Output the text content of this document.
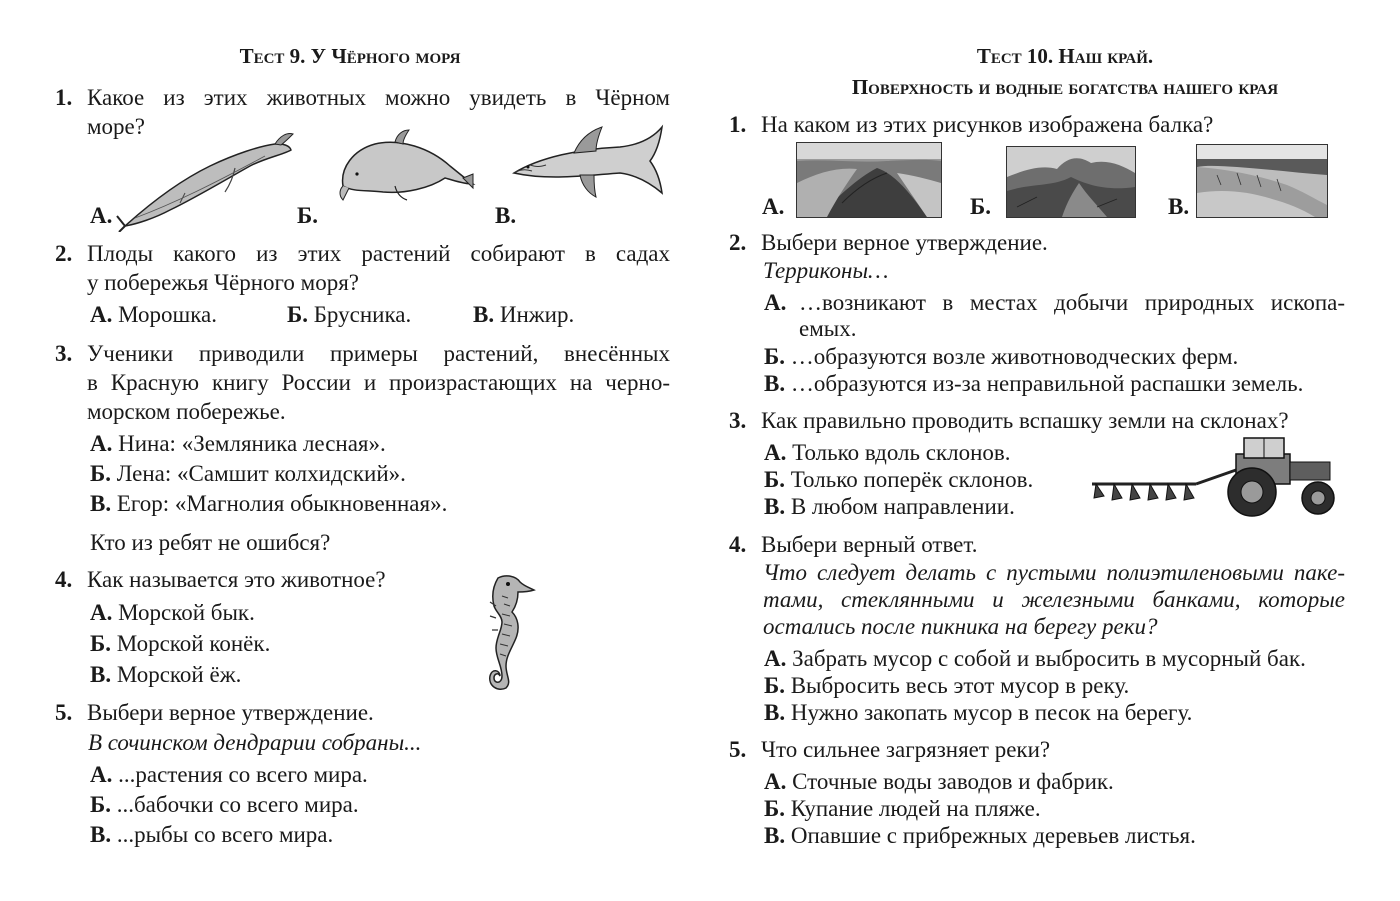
Тест 9. У Чёрного моря
1. Какое из этих животных можно увидеть в Чёрном
море?
А.	Б.	В.
2. Плоды какого из этих растений собирают в садах
у побережья Чёрного моря?
А. Морошка.	Б. Брусника.	В. Инжир.
3. Ученики приводили примеры растений, внесённых
в Красную книгу России и произрастающих на черно-
морском побережье.
А. Нина: «Земляника лесная».
Б. Лена: «Самшит колхидский».
В. Егор: «Магнолия обыкновенная».
Кто из ребят не ошибся?
4. Как называется это животное?
А. Морской бык.
Б. Морской конёк.
В. Морской ёж.
5. Выбери верное утверждение.
В сочинском дендрарии собраны...
А. ...растения со всего мира.
Б. ...бабочки со всего мира.
В. ...рыбы со всего мира.
Тест 10. Наш край.
Поверхность и водные богатства нашего края
1. На каком из этих рисунков изображена балка?
А.	Б.	В.
2. Выбери верное утверждение.
Терриконы…
А. …возникают в местах добычи природных ископа-
емых.
Б. …образуются возле животноводческих ферм.
В. …образуются из-за неправильной распашки земель.
3. Как правильно проводить вспашку земли на склонах?
А. Только вдоль склонов.
Б. Только поперёк склонов.
В. В любом направлении.
4. Выбери верный ответ.
Что следует делать с пустыми полиэтиленовыми паке-
тами, стеклянными и железными банками, которые
остались после пикника на берегу реки?
А. Забрать мусор с собой и выбросить в мусорный бак.
Б. Выбросить весь этот мусор в реку.
В. Нужно закопать мусор в песок на берегу.
5. Что сильнее загрязняет реки?
А. Сточные воды заводов и фабрик.
Б. Купание людей на пляже.
В. Опавшие с прибрежных деревьев листья.
